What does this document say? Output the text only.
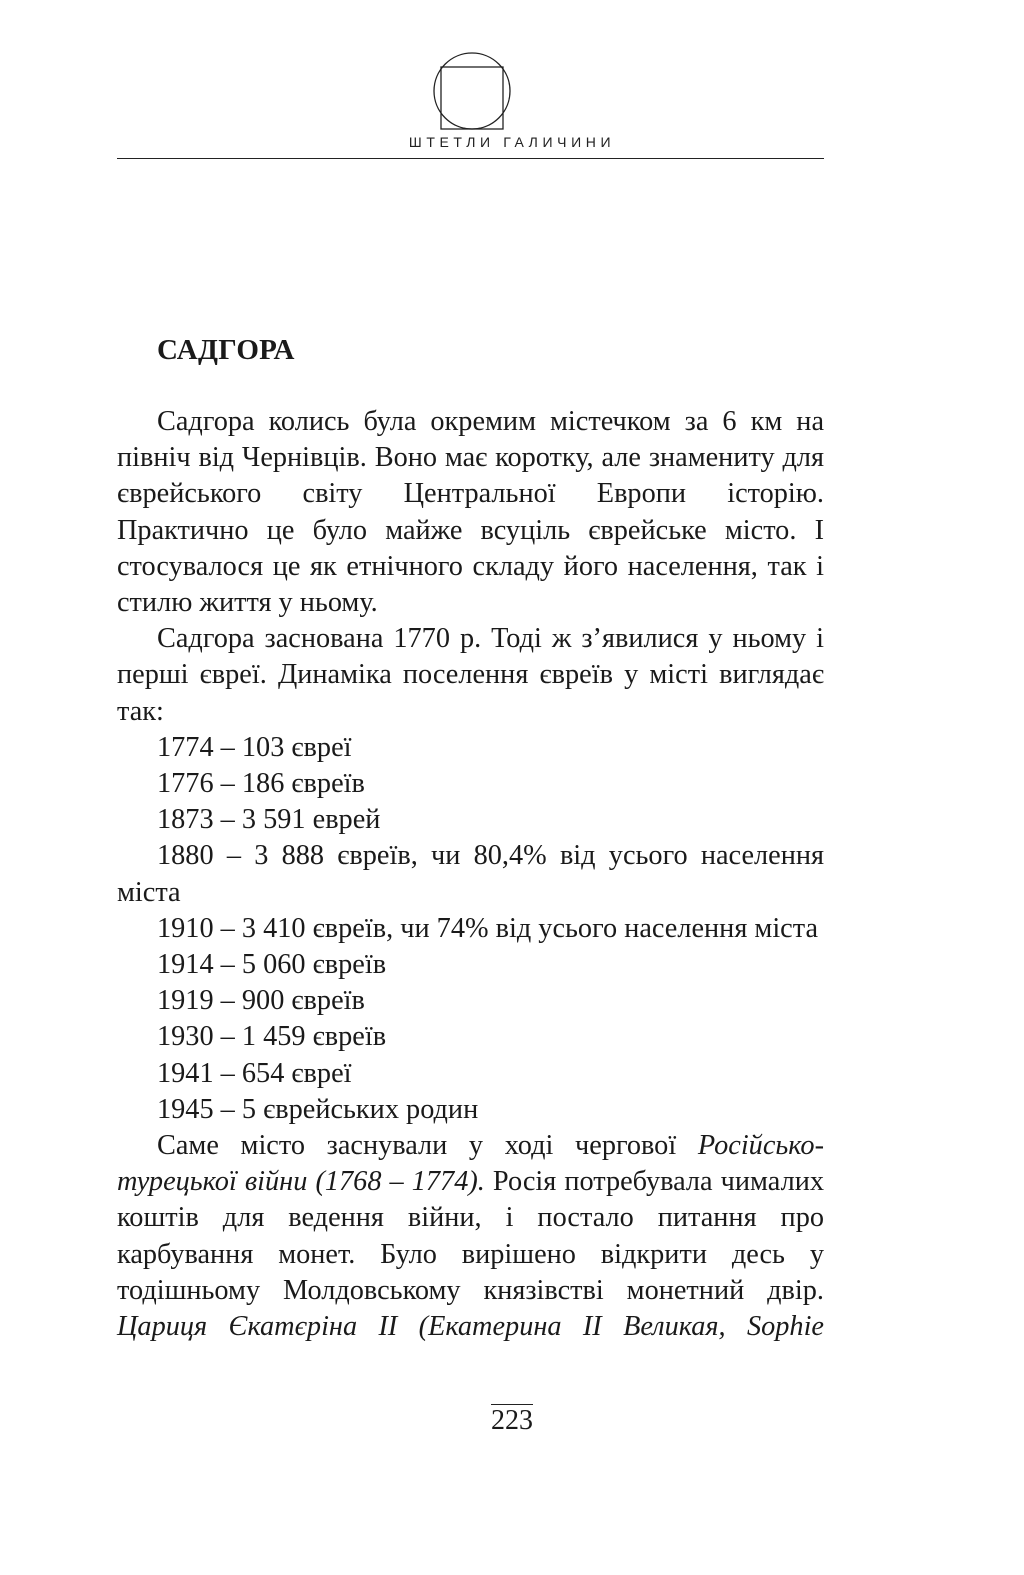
ШТЕТЛИ ГАЛИЧИНИ
САДГОРА

Садгора колись була окремим містечком за 6 км на північ від Чернівців. Воно має коротку, але знамениту для єврейського світу Центральної Европи історію. Практично це було майже всуціль єврейське місто. І стосувалося це як етнічного складу його населення, так і стилю життя у ньому.

Садгора заснована 1770 р. Тоді ж з’явилися у ньому і перші євреї. Динаміка поселення євреїв у місті виглядає так:

1774 – 103 євреї

1776 – 186 євреїв

1873 – 3 591 еврей

1880 – 3 888 євреїв, чи 80,4% від усього населення міста

1910 – 3 410 євреїв, чи 74% від усього населення міста

1914 – 5 060 євреїв

1919 – 900 євреїв

1930 – 1 459 євреїв

1941 – 654 євреї

1945 – 5 єврейських родин

Саме місто заснували у ході чергової Російсько-турецької війни (1768 – 1774). Росія потребувала чималих коштів для ведення війни, і постало питання про карбування монет. Було вирішено відкрити десь у тодішньому Молдовському князівстві монетний двір. Цариця Єкатєріна II (Екатерина II Великая, Sophie

223
